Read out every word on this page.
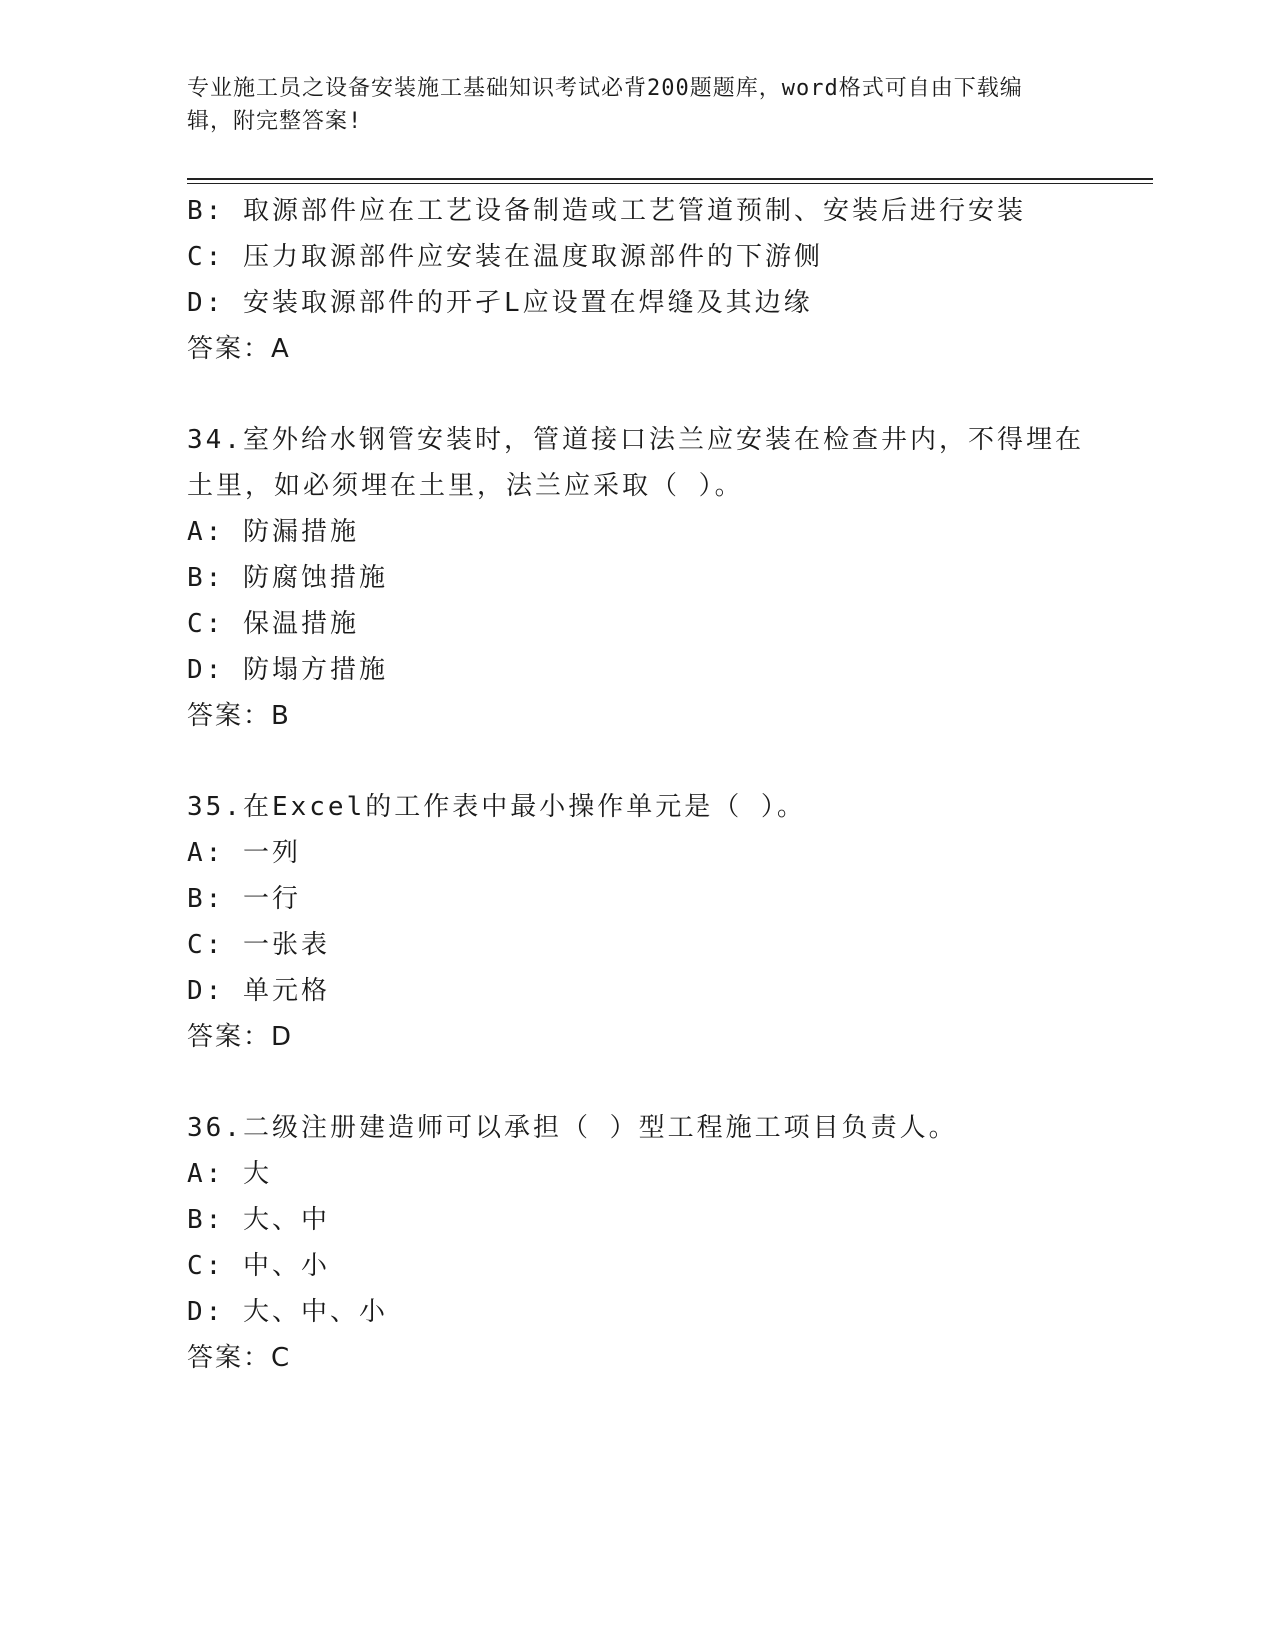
专业施工员之设备安装施工基础知识考试必背200题题库，word格式可自由下载编辑，附完整答案!
B: 取源部件应在工艺设备制造或工艺管道预制、安装后进行安装
C: 压力取源部件应安装在温度取源部件的下游侧
D: 安装取源部件的开孑L应设置在焊缝及其边缘
答案：A
34.室外给水钢管安装时，管道接口法兰应安装在检查井内，不得埋在土里，如必须埋在土里，法兰应采取（ ）。
A: 防漏措施
B: 防腐蚀措施
C: 保温措施
D: 防塌方措施
答案：B
35.在Excel的工作表中最小操作单元是（ ）。
A: 一列
B: 一行
C: 一张表
D: 单元格
答案：D
36.二级注册建造师可以承担（ ）型工程施工项目负责人。
A: 大
B: 大、中
C: 中、小
D: 大、中、小
答案：C
